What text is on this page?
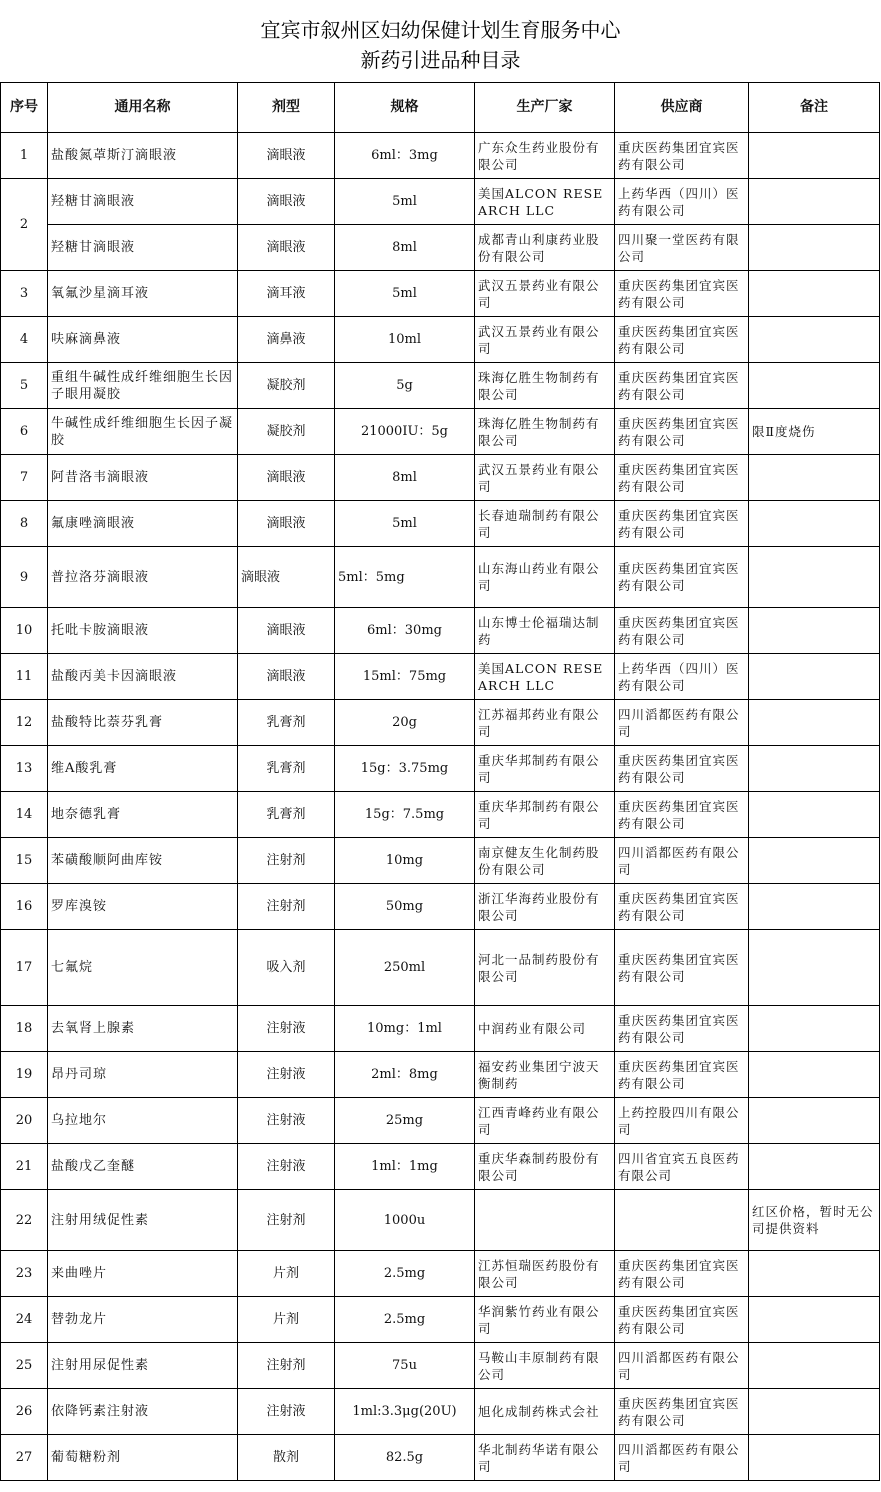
宜宾市叙州区妇幼保健计划生育服务中心
新药引进品种目录
序号	通用名称	剂型	规格	生产厂家	供应商	备注
1	盐酸氮䓬斯汀滴眼液	滴眼液	6ml：3mg	广东众生药业股份有限公司	重庆医药集团宜宾医药有限公司	
2	羟糖甘滴眼液	滴眼液	5ml	美国ALCON RESEARCH LLC	上药华西（四川）医药有限公司	
	羟糖甘滴眼液	滴眼液	8ml	成都青山利康药业股份有限公司	四川聚一堂医药有限公司	
3	氧氟沙星滴耳液	滴耳液	5ml	武汉五景药业有限公司	重庆医药集团宜宾医药有限公司	
4	呋麻滴鼻液	滴鼻液	10ml	武汉五景药业有限公司	重庆医药集团宜宾医药有限公司	
5	重组牛碱性成纤维细胞生长因子眼用凝胶	凝胶剂	5g	珠海亿胜生物制药有限公司	重庆医药集团宜宾医药有限公司	
6	牛碱性成纤维细胞生长因子凝胶	凝胶剂	21000IU：5g	珠海亿胜生物制药有限公司	重庆医药集团宜宾医药有限公司	限Ⅱ度烧伤
7	阿昔洛韦滴眼液	滴眼液	8ml	武汉五景药业有限公司	重庆医药集团宜宾医药有限公司	
8	氟康唑滴眼液	滴眼液	5ml	长春迪瑞制药有限公司	重庆医药集团宜宾医药有限公司	
9	普拉洛芬滴眼液	滴眼液	5ml：5mg	山东海山药业有限公司	重庆医药集团宜宾医药有限公司	
10	托吡卡胺滴眼液	滴眼液	6ml：30mg	山东博士伦福瑞达制药	重庆医药集团宜宾医药有限公司	
11	盐酸丙美卡因滴眼液	滴眼液	15ml：75mg	美国ALCON RESEARCH LLC	上药华西（四川）医药有限公司	
12	盐酸特比萘芬乳膏	乳膏剂	20g	江苏福邦药业有限公司	四川滔都医药有限公司	
13	维A酸乳膏	乳膏剂	15g：3.75mg	重庆华邦制药有限公司	重庆医药集团宜宾医药有限公司	
14	地奈德乳膏	乳膏剂	15g：7.5mg	重庆华邦制药有限公司	重庆医药集团宜宾医药有限公司	
15	苯磺酸顺阿曲库铵	注射剂	10mg	南京健友生化制药股份有限公司	四川滔都医药有限公司	
16	罗库溴铵	注射剂	50mg	浙江华海药业股份有限公司	重庆医药集团宜宾医药有限公司	
17	七氟烷	吸入剂	250ml	河北一品制药股份有限公司	重庆医药集团宜宾医药有限公司	
18	去氧肾上腺素	注射液	10mg：1ml	中润药业有限公司	重庆医药集团宜宾医药有限公司	
19	昂丹司琼	注射液	2ml：8mg	福安药业集团宁波天衡制药	重庆医药集团宜宾医药有限公司	
20	乌拉地尔	注射液	25mg	江西青峰药业有限公司	上药控股四川有限公司	
21	盐酸戊乙奎醚	注射液	1ml：1mg	重庆华森制药股份有限公司	四川省宜宾五良医药有限公司	
22	注射用绒促性素	注射剂	1000u			红区价格，暂时无公司提供资料
23	来曲唑片	片剂	2.5mg	江苏恒瑞医药股份有限公司	重庆医药集团宜宾医药有限公司	
24	替勃龙片	片剂	2.5mg	华润紫竹药业有限公司	重庆医药集团宜宾医药有限公司	
25	注射用尿促性素	注射剂	75u	马鞍山丰原制药有限公司	四川滔都医药有限公司	
26	依降钙素注射液	注射液	1ml:3.3μg(20U)	旭化成制药株式会社	重庆医药集团宜宾医药有限公司	
27	葡萄糖粉剂	散剂	82.5g	华北制药华诺有限公司	四川滔都医药有限公司	
